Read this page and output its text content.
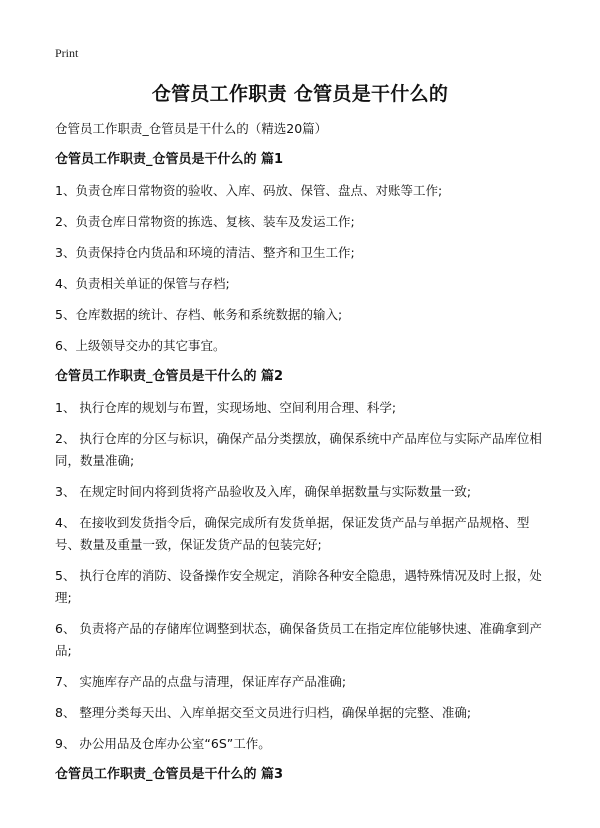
Print
仓管员工作职责 仓管员是干什么的
仓管员工作职责_仓管员是干什么的（精选20篇）
仓管员工作职责_仓管员是干什么的 篇1
1、负责仓库日常物资的验收、入库、码放、保管、盘点、对账等工作;
2、负责仓库日常物资的拣选、复核、装车及发运工作;
3、负责保持仓内货品和环境的清洁、整齐和卫生工作;
4、负责相关单证的保管与存档;
5、仓库数据的统计、存档、帐务和系统数据的输入;
6、上级领导交办的其它事宜。
仓管员工作职责_仓管员是干什么的 篇2
1、 执行仓库的规划与布置，实现场地、空间利用合理、科学;
2、 执行仓库的分区与标识，确保产品分类摆放，确保系统中产品库位与实际产品库位相同，数量准确;
3、 在规定时间内将到货将产品验收及入库，确保单据数量与实际数量一致;
4、 在接收到发货指令后，确保完成所有发货单据，保证发货产品与单据产品规格、型号、数量及重量一致，保证发货产品的包装完好;
5、 执行仓库的消防、设备操作安全规定，消除各种安全隐患，遇特殊情况及时上报，处理;
6、 负责将产品的存储库位调整到状态，确保备货员工在指定库位能够快速、准确拿到产品;
7、 实施库存产品的点盘与清理，保证库存产品准确;
8、 整理分类每天出、入库单据交至文员进行归档，确保单据的完整、准确;
9、 办公用品及仓库办公室“6S”工作。
仓管员工作职责_仓管员是干什么的 篇3
